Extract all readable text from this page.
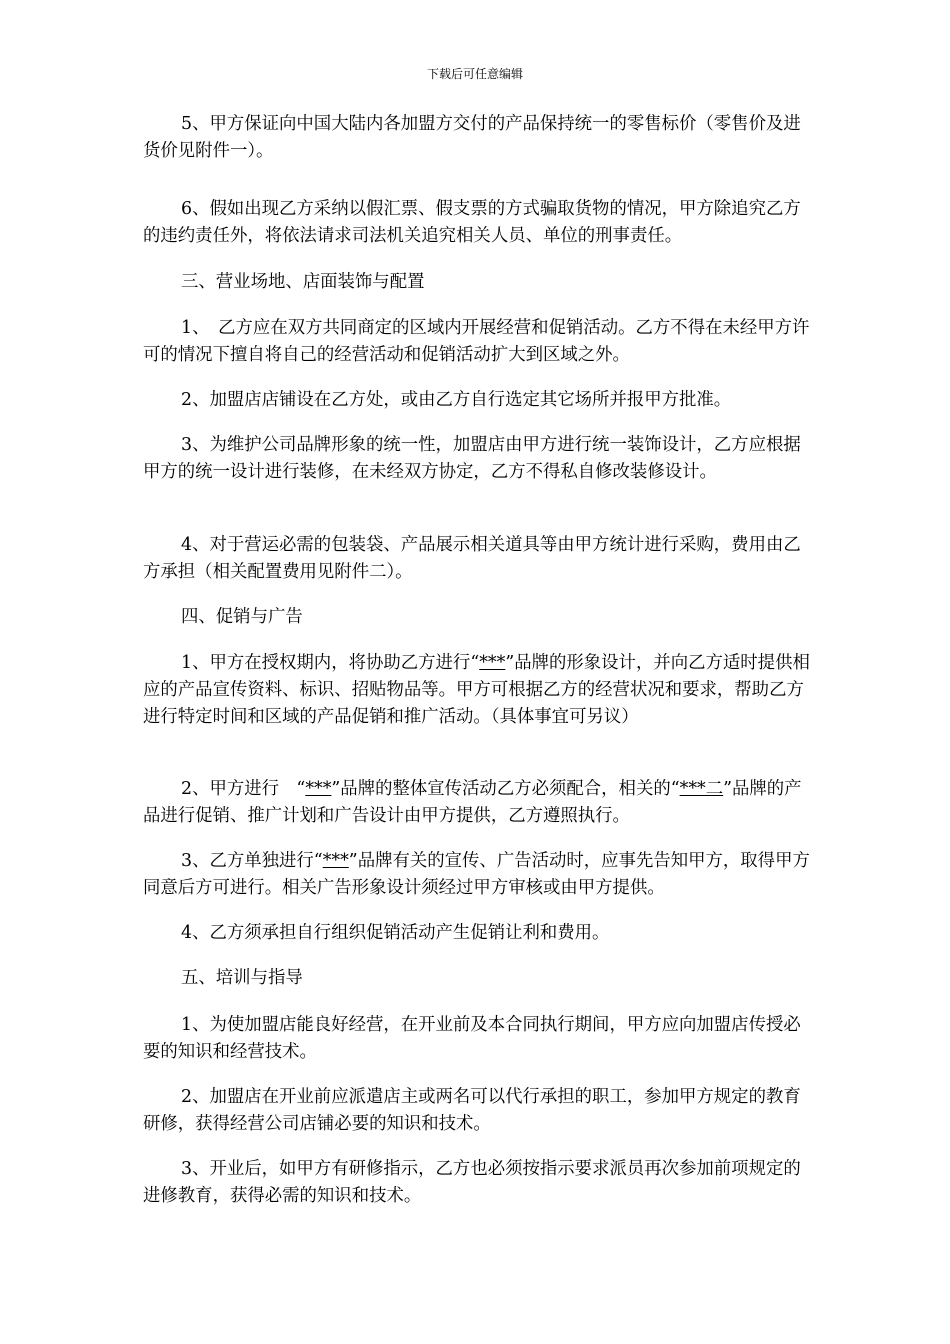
下载后可任意编辑

5、甲方保证向中国大陆内各加盟方交付的产品保持统一的零售标价（零售价及进货价见附件一）。

6、假如出现乙方采纳以假汇票、假支票的方式骗取货物的情况，甲方除追究乙方的违约责任外，将依法请求司法机关追究相关人员、单位的刑事责任。

三、营业场地、店面装饰与配置

1、　乙方应在双方共同商定的区域内开展经营和促销活动。乙方不得在未经甲方许可的情况下擅自将自己的经营活动和促销活动扩大到区域之外。

2、加盟店店铺设在乙方处，或由乙方自行选定其它场所并报甲方批准。

3、为维护公司品牌形象的统一性，加盟店由甲方进行统一装饰设计，乙方应根据甲方的统一设计进行装修，在未经双方协定，乙方不得私自修改装修设计。

4、对于营运必需的包装袋、产品展示相关道具等由甲方统计进行采购，费用由乙方承担（相关配置费用见附件二）。

四、促销与广告

1、甲方在授权期内，将协助乙方进行“***”品牌的形象设计，并向乙方适时提供相应的产品宣传资料、标识、招贴物品等。甲方可根据乙方的经营状况和要求，帮助乙方进行特定时间和区域的产品促销和推广活动。（具体事宜可另议）

2、甲方进行　“***”品牌的整体宣传活动乙方必须配合，相关的“***二”品牌的产品进行促销、推广计划和广告设计由甲方提供，乙方遵照执行。

3、乙方单独进行“***”品牌有关的宣传、广告活动时，应事先告知甲方，取得甲方同意后方可进行。相关广告形象设计须经过甲方审核或由甲方提供。

4、乙方须承担自行组织促销活动产生促销让利和费用。

五、培训与指导

1、为使加盟店能良好经营，在开业前及本合同执行期间，甲方应向加盟店传授必要的知识和经营技术。

2、加盟店在开业前应派遣店主或两名可以代行承担的职工，参加甲方规定的教育研修，获得经营公司店铺必要的知识和技术。

3、开业后，如甲方有研修指示，乙方也必须按指示要求派员再次参加前项规定的进修教育，获得必需的知识和技术。
